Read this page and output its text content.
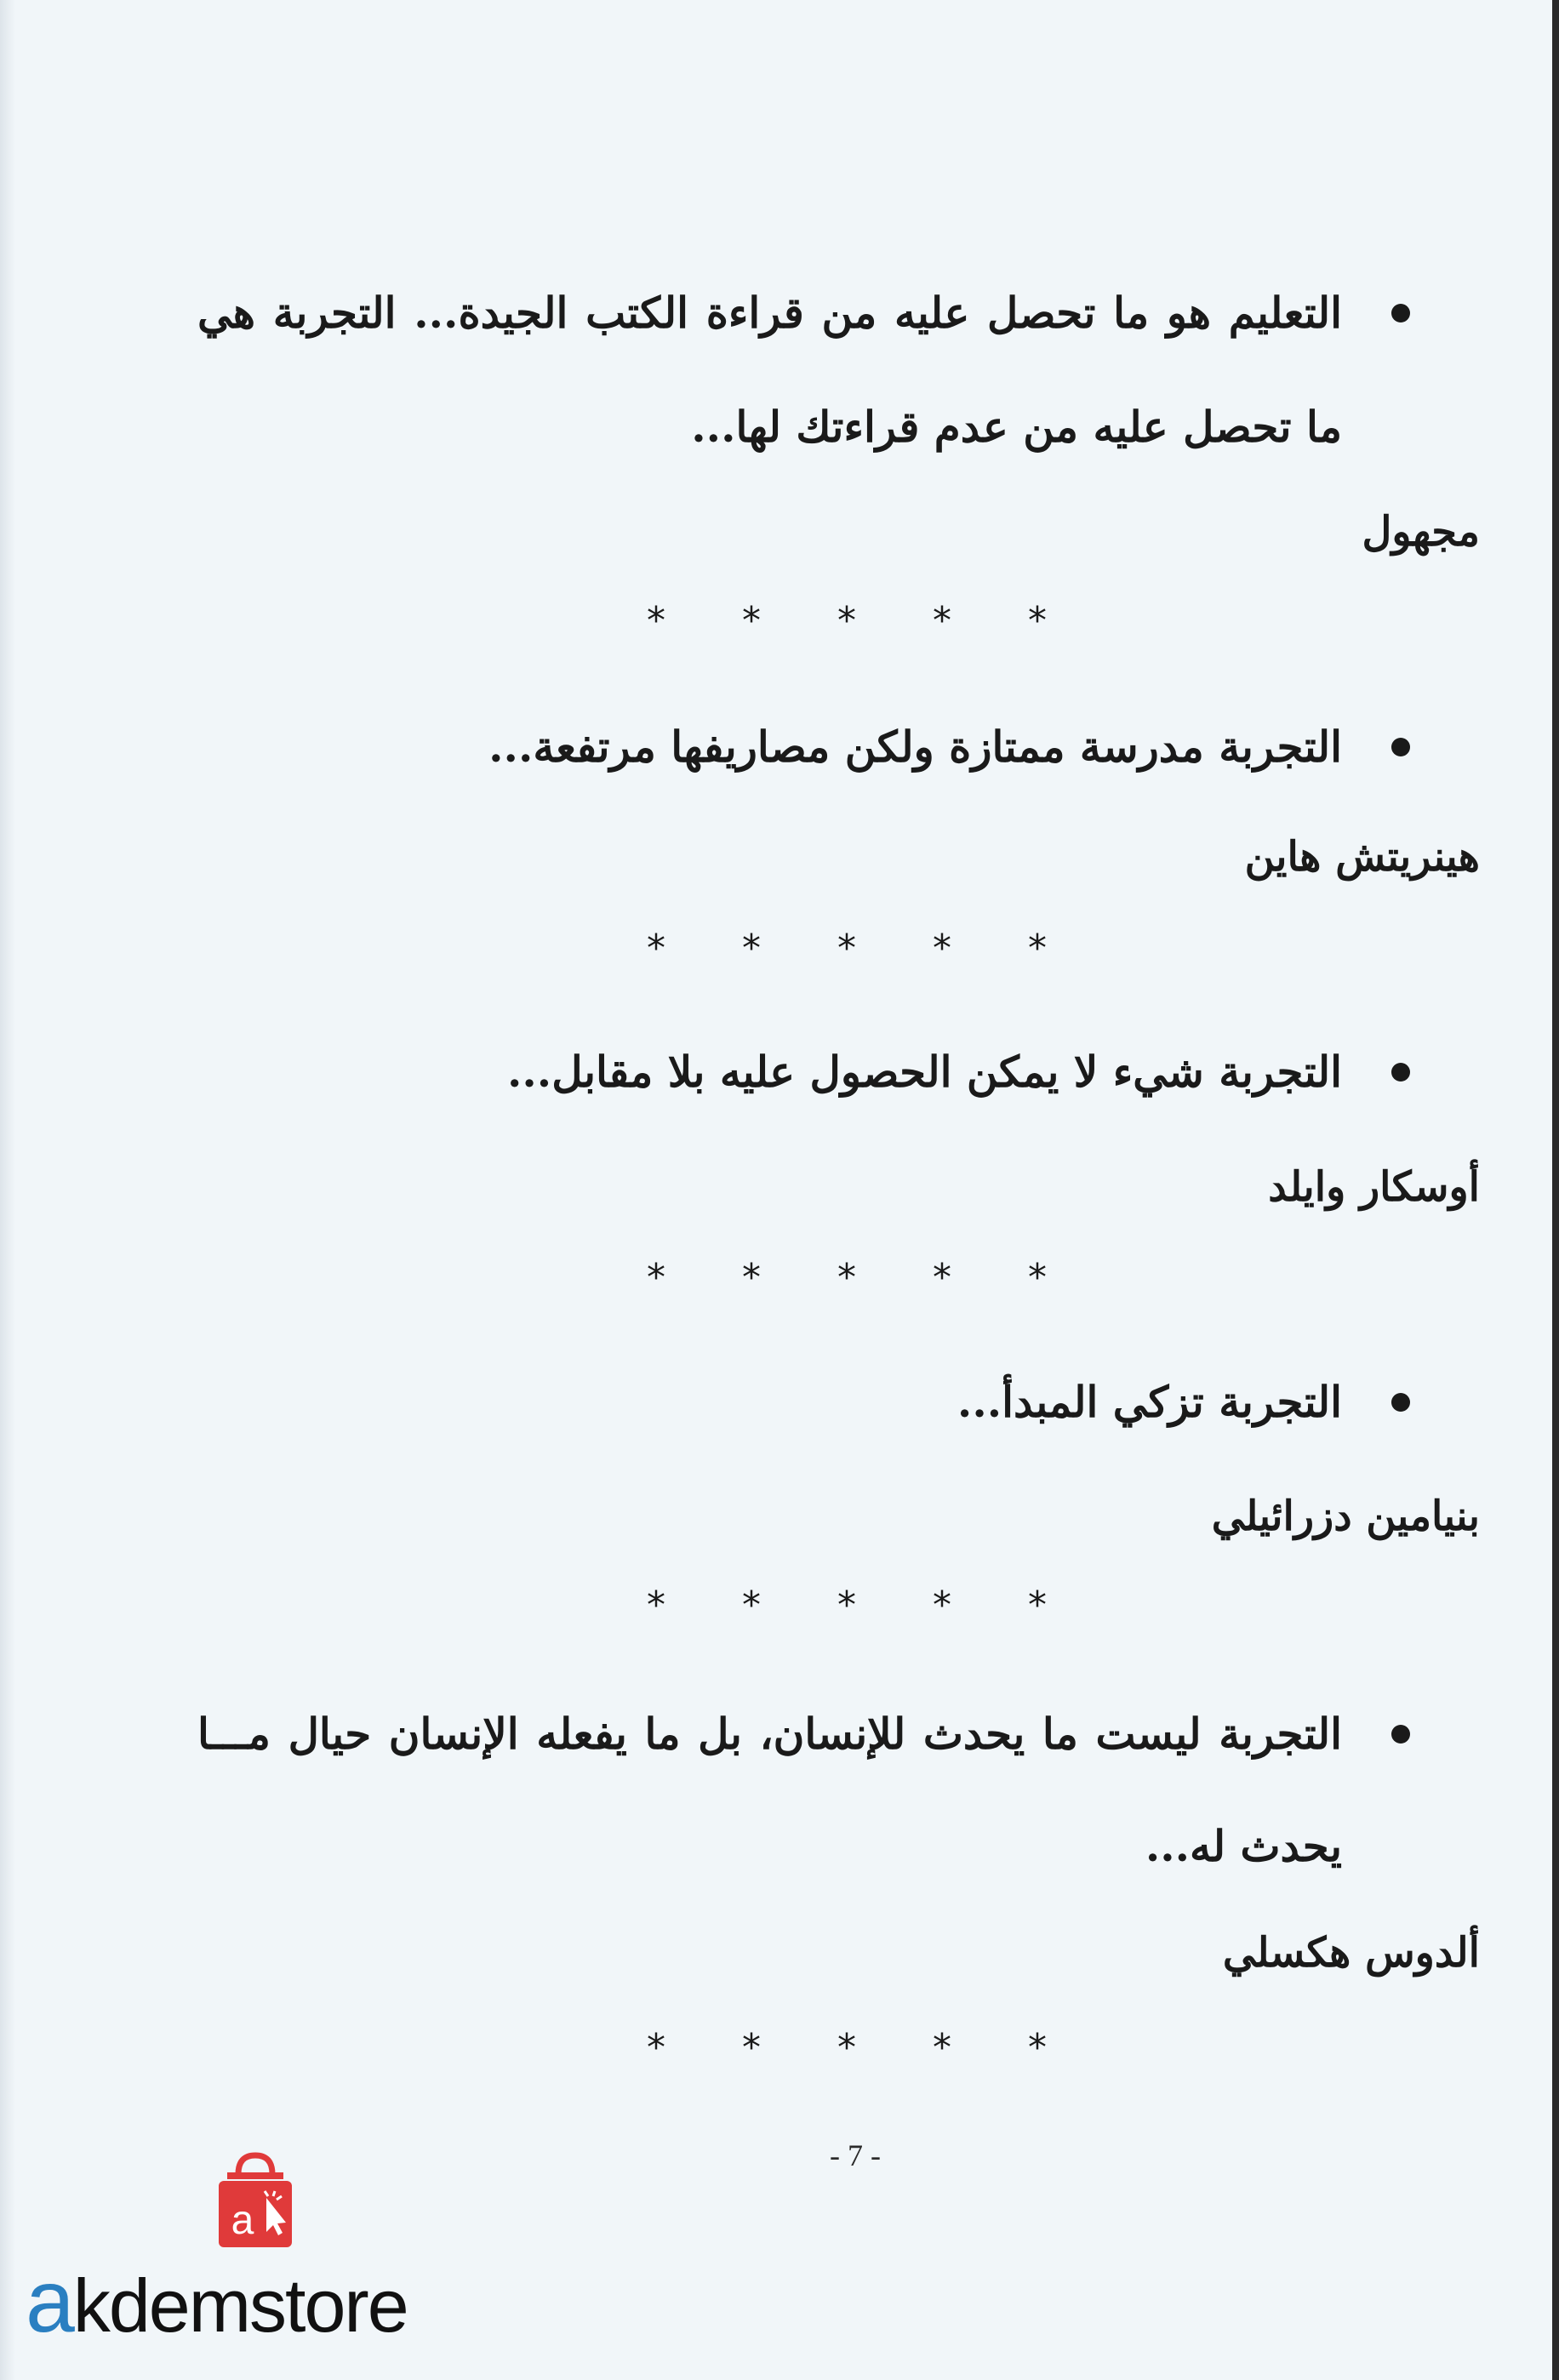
التعليم هو ما تحصل عليه من قراءة الكتب الجيدة... التجربة هي
ما تحصل عليه من عدم قراءتك لها...
مجهول
* * * * *
التجربة مدرسة ممتازة ولكن مصاريفها مرتفعة...
هينريتش هاين
* * * * *
التجربة شيء لا يمكن الحصول عليه بلا مقابل...
أوسكار وايلد
* * * * *
التجربة تزكي المبدأ...
بنيامين دزرائيلي
* * * * *
التجربة ليست ما يحدث للإنسان، بل ما يفعله الإنسان حيال مـــا
يحدث له...
ألدوس هكسلي
* * * * *
- 7 -
a
akdemstore
